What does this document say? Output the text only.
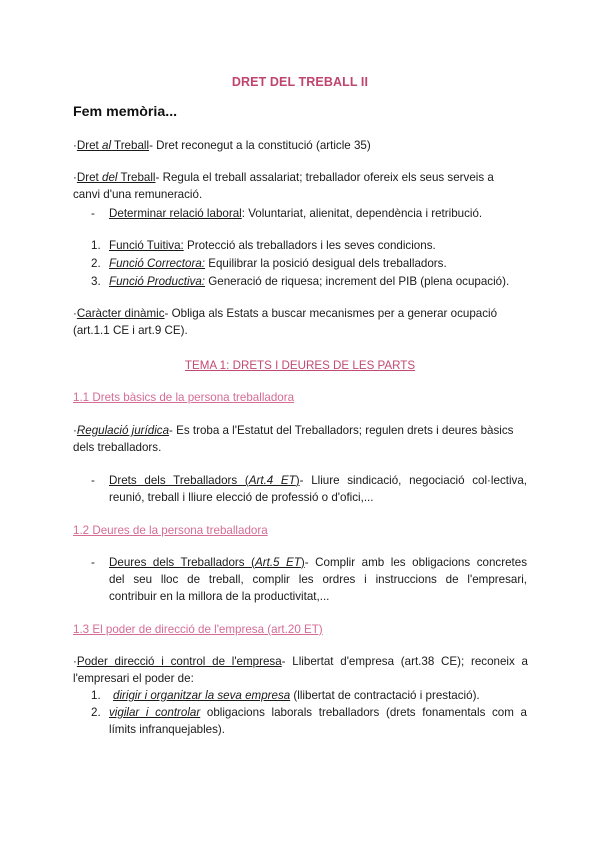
DRET DEL TREBALL II
Fem memòria...
·Dret al Treball- Dret reconegut a la constitució (article 35)
·Dret del Treball- Regula el treball assalariat; treballador ofereix els seus serveis a
canvi d'una remuneració.
- Determinar relació laboral: Voluntariat, alienitat, dependència i retribució.
1. Funció Tuitiva: Protecció als treballadors i les seves condicions.
2. Funció Correctora: Equilibrar la posició desigual dels treballadors.
3. Funció Productiva: Generació de riquesa; increment del PIB (plena ocupació).
·Caràcter dinàmic- Obliga als Estats a buscar mecanismes per a generar ocupació
(art.1.1 CE i art.9 CE).
TEMA 1: DRETS I DEURES DE LES PARTS
1.1 Drets bàsics de la persona treballadora
·Regulació jurídica- Es troba a l'Estatut del Treballadors; regulen drets i deures bàsics
dels treballadors.
- Drets dels Treballadors (Art.4 ET)- Lliure sindicació, negociació col·lectiva,
reunió, treball i lliure elecció de professió o d'ofici,...
1.2 Deures de la persona treballadora
- Deures dels Treballadors (Art.5 ET)- Complir amb les obligacions concretes
del seu lloc de treball, complir les ordres i instruccions de l'empresari,
contribuir en la millora de la productivitat,...
1.3 El poder de direcció de l'empresa (art.20 ET)
·Poder direcció i control de l'empresa- Llibertat d'empresa (art.38 CE); reconeix a
l'empresari el poder de:
1. dirigir i organitzar la seva empresa (llibertat de contractació i prestació).
2. vigilar i controlar obligacions laborals treballadors (drets fonamentals com a
límits infranquejables).
